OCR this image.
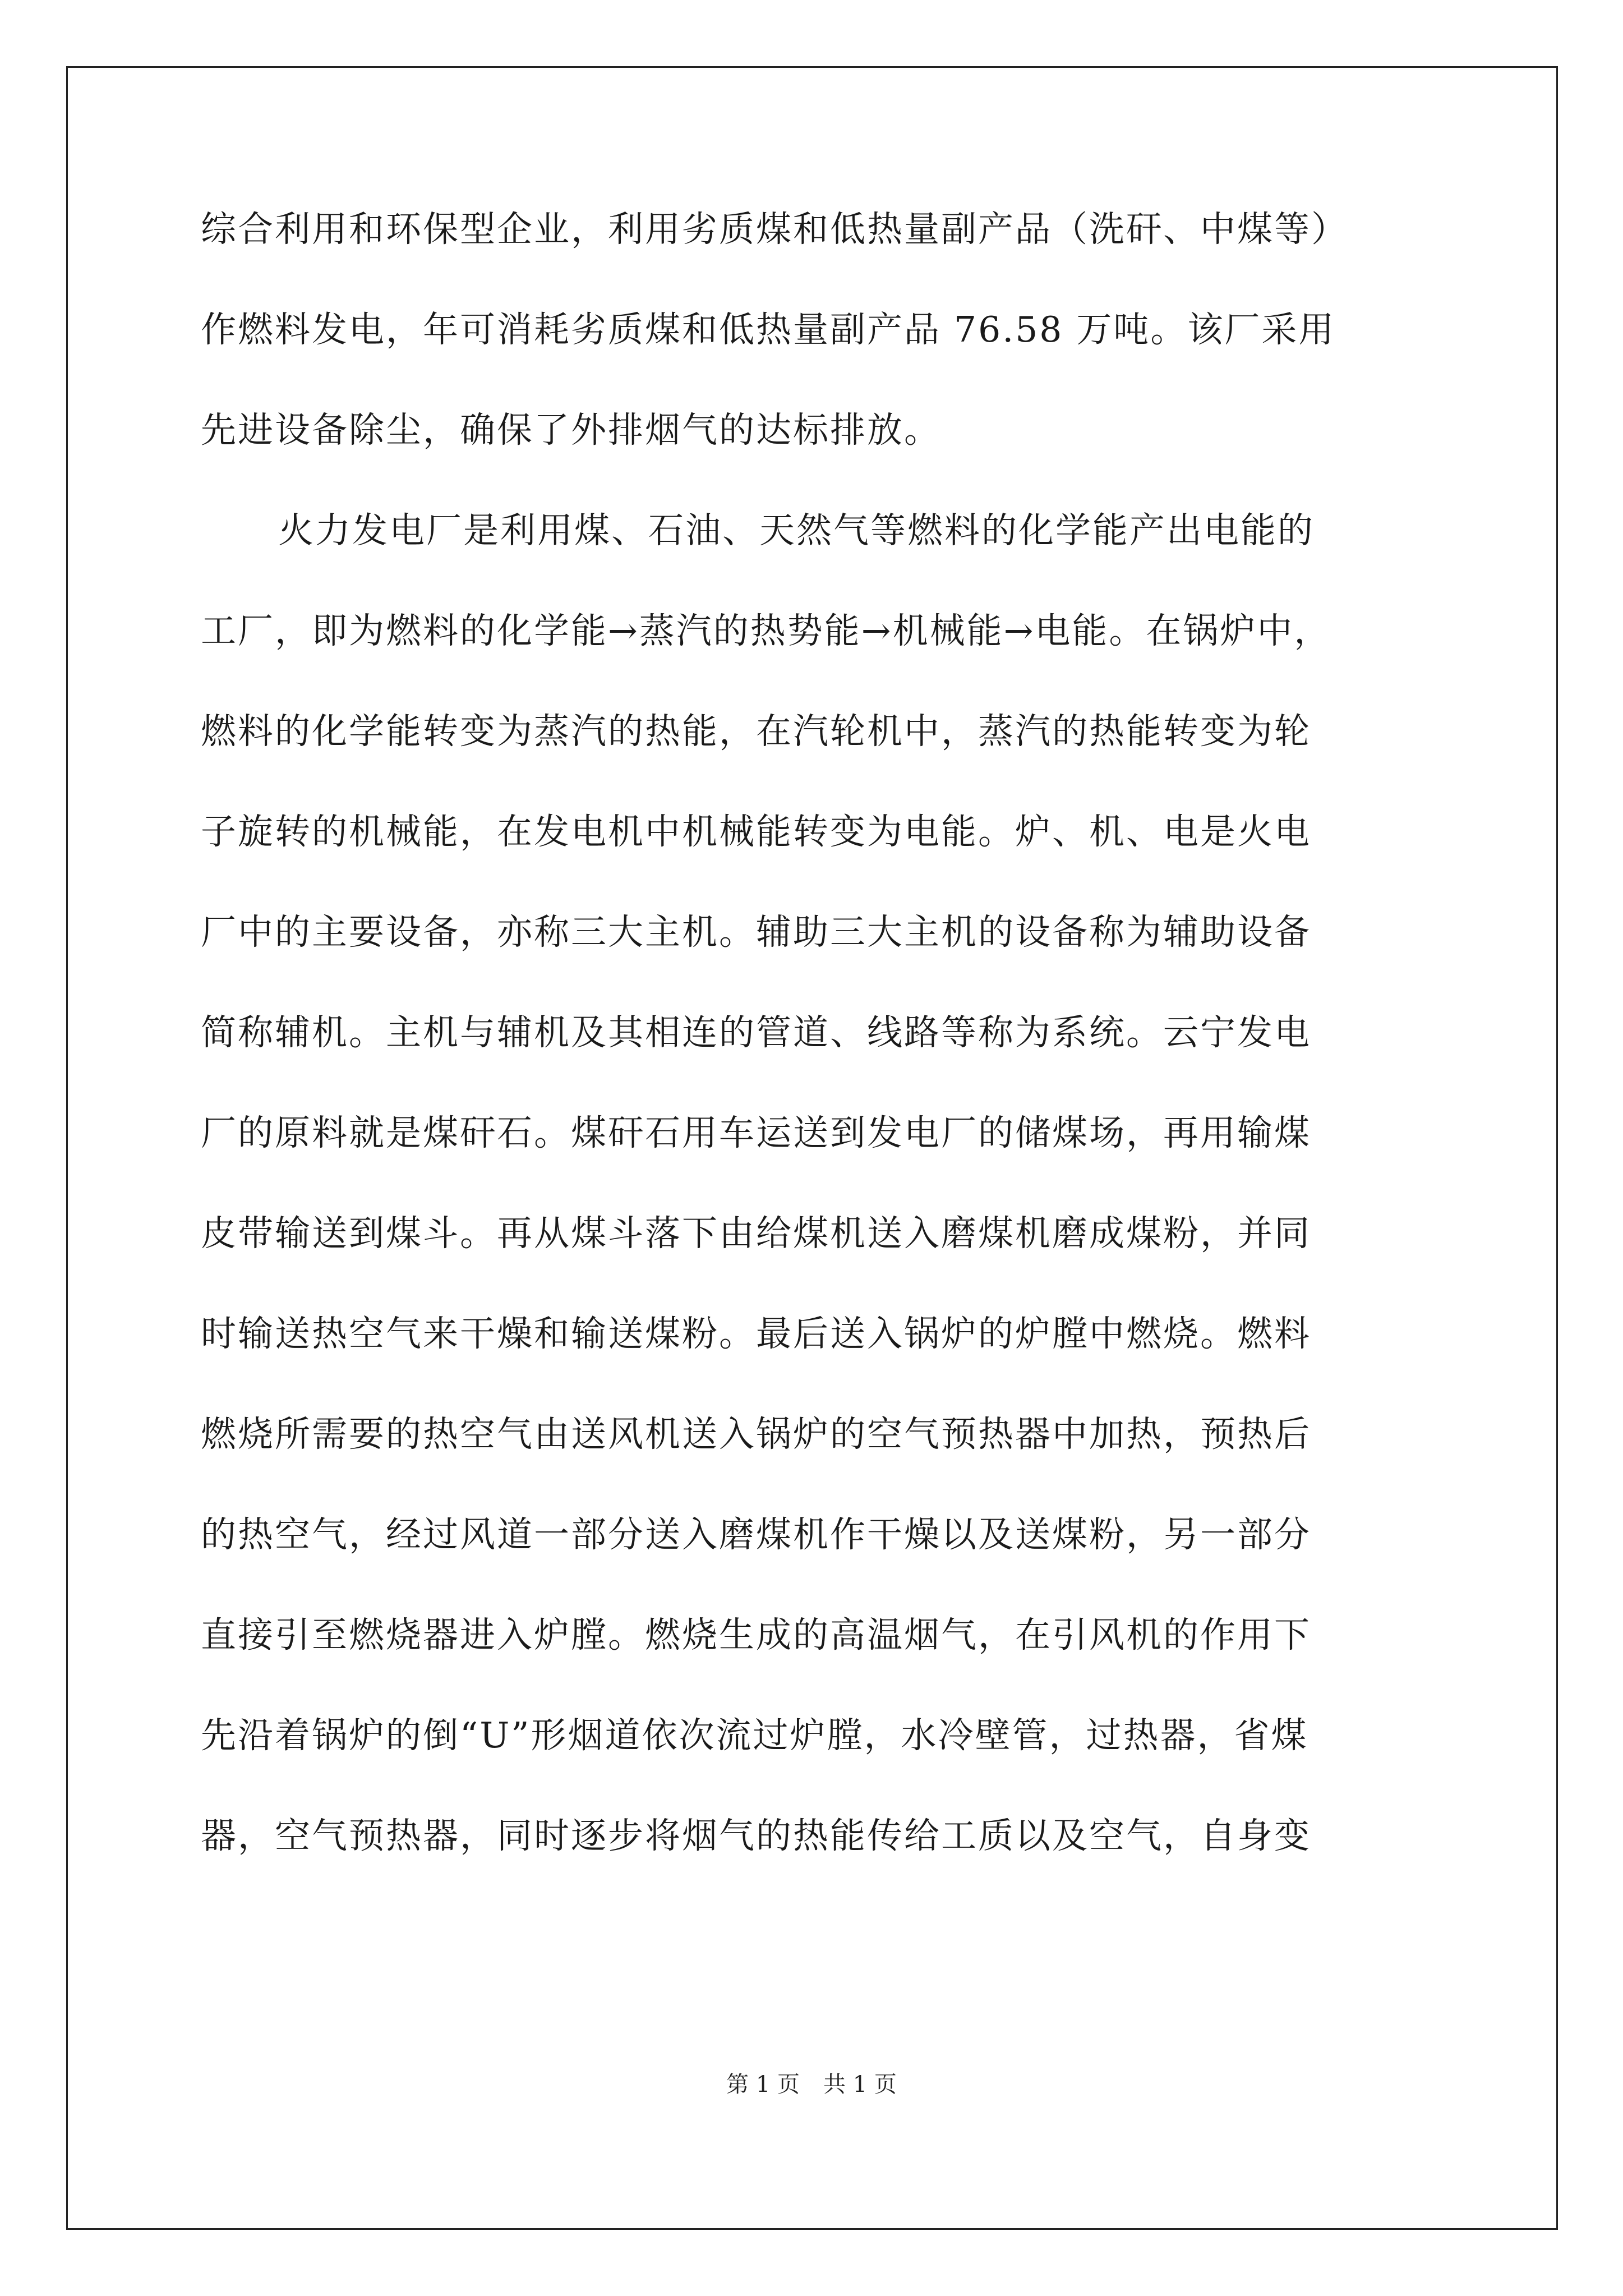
综合利用和环保型企业，利用劣质煤和低热量副产品（洗矸、中煤等）
作燃料发电，年可消耗劣质煤和低热量副产品 76.58 万吨。该厂采用
先进设备除尘，确保了外排烟气的达标排放。
火力发电厂是利用煤、石油、天然气等燃料的化学能产出电能的
工厂，即为燃料的化学能→蒸汽的热势能→机械能→电能。在锅炉中，
燃料的化学能转变为蒸汽的热能，在汽轮机中，蒸汽的热能转变为轮
子旋转的机械能，在发电机中机械能转变为电能。炉、机、电是火电
厂中的主要设备，亦称三大主机。辅助三大主机的设备称为辅助设备
简称辅机。主机与辅机及其相连的管道、线路等称为系统。云宁发电
厂的原料就是煤矸石。煤矸石用车运送到发电厂的储煤场，再用输煤
皮带输送到煤斗。再从煤斗落下由给煤机送入磨煤机磨成煤粉，并同
时输送热空气来干燥和输送煤粉。最后送入锅炉的炉膛中燃烧。燃料
燃烧所需要的热空气由送风机送入锅炉的空气预热器中加热，预热后
的热空气，经过风道一部分送入磨煤机作干燥以及送煤粉，另一部分
直接引至燃烧器进入炉膛。燃烧生成的高温烟气，在引风机的作用下
先沿着锅炉的倒“U”形烟道依次流过炉膛，水冷壁管，过热器，省煤
器，空气预热器，同时逐步将烟气的热能传给工质以及空气，自身变
第 1 页 共 1 页
